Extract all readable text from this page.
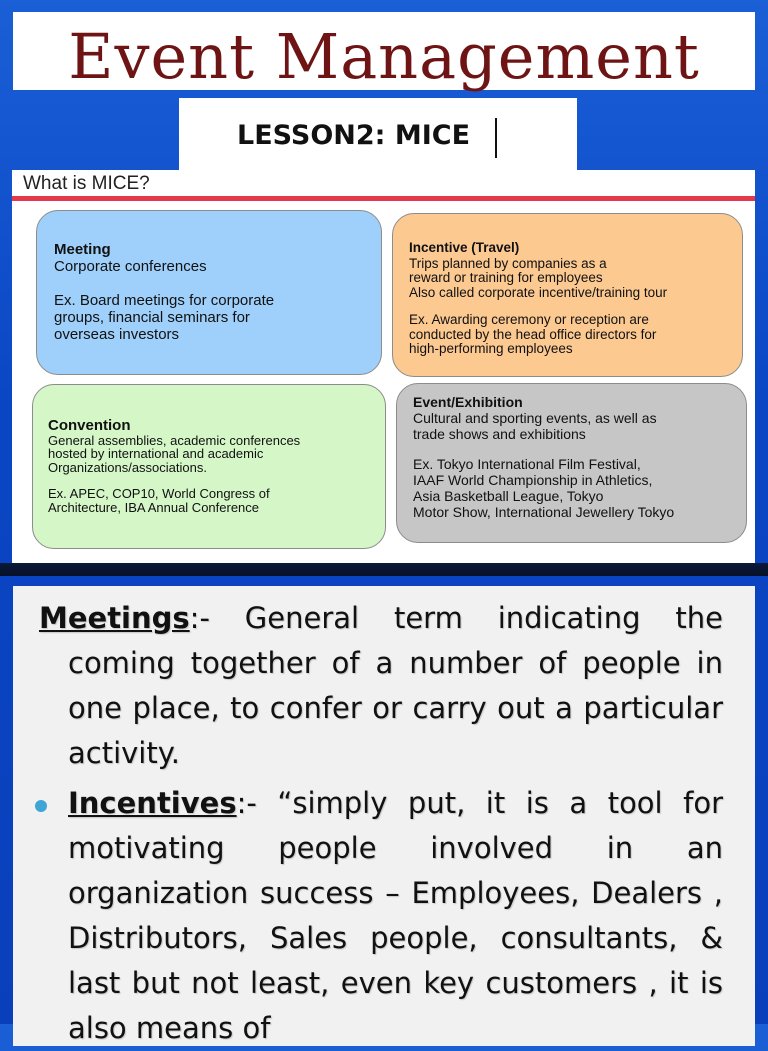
Event Management
LESSON2: MICE
What is MICE?
Meeting

Corporate conferences

Ex. Board meetings for corporate
groups, financial seminars for
overseas investors

Incentive (Travel)

Trips planned by companies as a
reward or training for employees
Also called corporate incentive/training tour

Ex. Awarding ceremony or reception are
conducted by the head office directors for
high-performing employees

Convention

General assemblies, academic conferences
hosted by international and academic
Organizations/associations.

Ex. APEC, COP10, World Congress of
Architecture, IBA Annual Conference

Event/Exhibition

Cultural and sporting events, as well as
trade shows and exhibitions

Ex. Tokyo International Film Festival,
IAAF World Championship in Athletics,
Asia Basketball League, Tokyo
Motor Show, International Jewellery Tokyo

Meetings:- General term indicating the coming together of a number of people in one place, to confer or carry out a particular activity.
Incentives:- “simply put, it is a tool for motivating people involved in an organization success – Employees, Dealers , Distributors, Sales people, consultants, & last but not least, even key customers , it is also means of
